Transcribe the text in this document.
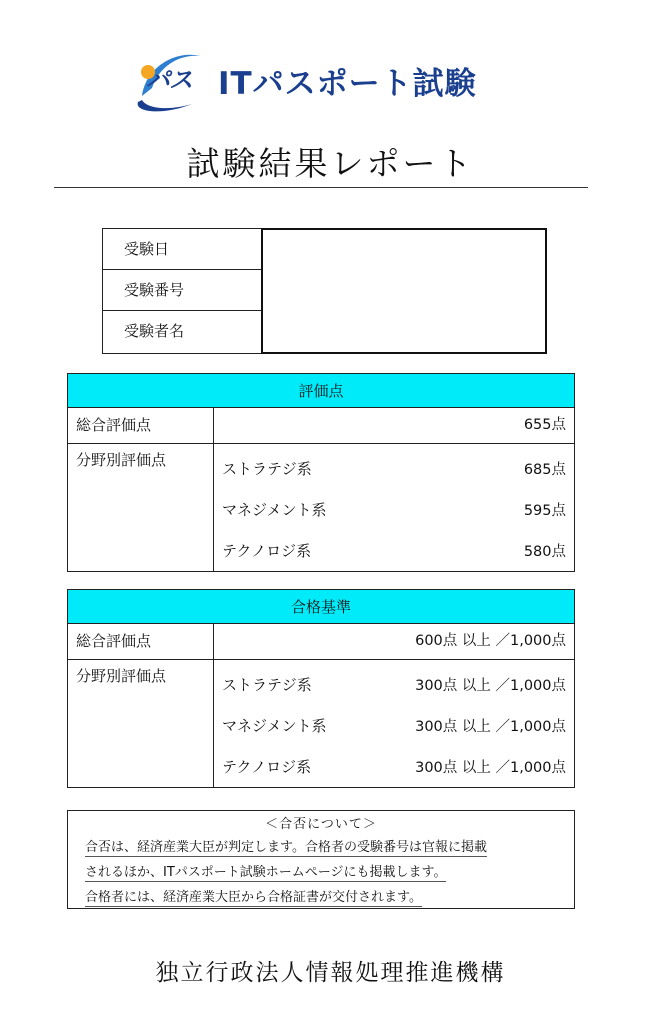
パス ITパスポート試験
試験結果レポート
受験日
受験番号
受験者名
評価点
総合評価点	655点
分野別評価点	ストラテジ系	685点
マネジメント系	595点
テクノロジ系	580点
合格基準
総合評価点	600点 以上 ／1,000点
分野別評価点	ストラテジ系	300点 以上 ／1,000点
マネジメント系	300点 以上 ／1,000点
テクノロジ系	300点 以上 ／1,000点
＜合否について＞
合否は、経済産業大臣が判定します。合格者の受験番号は官報に掲載
されるほか、ITパスポート試験ホームページにも掲載します。
合格者には、経済産業大臣から合格証書が交付されます。
独立行政法人情報処理推進機構
